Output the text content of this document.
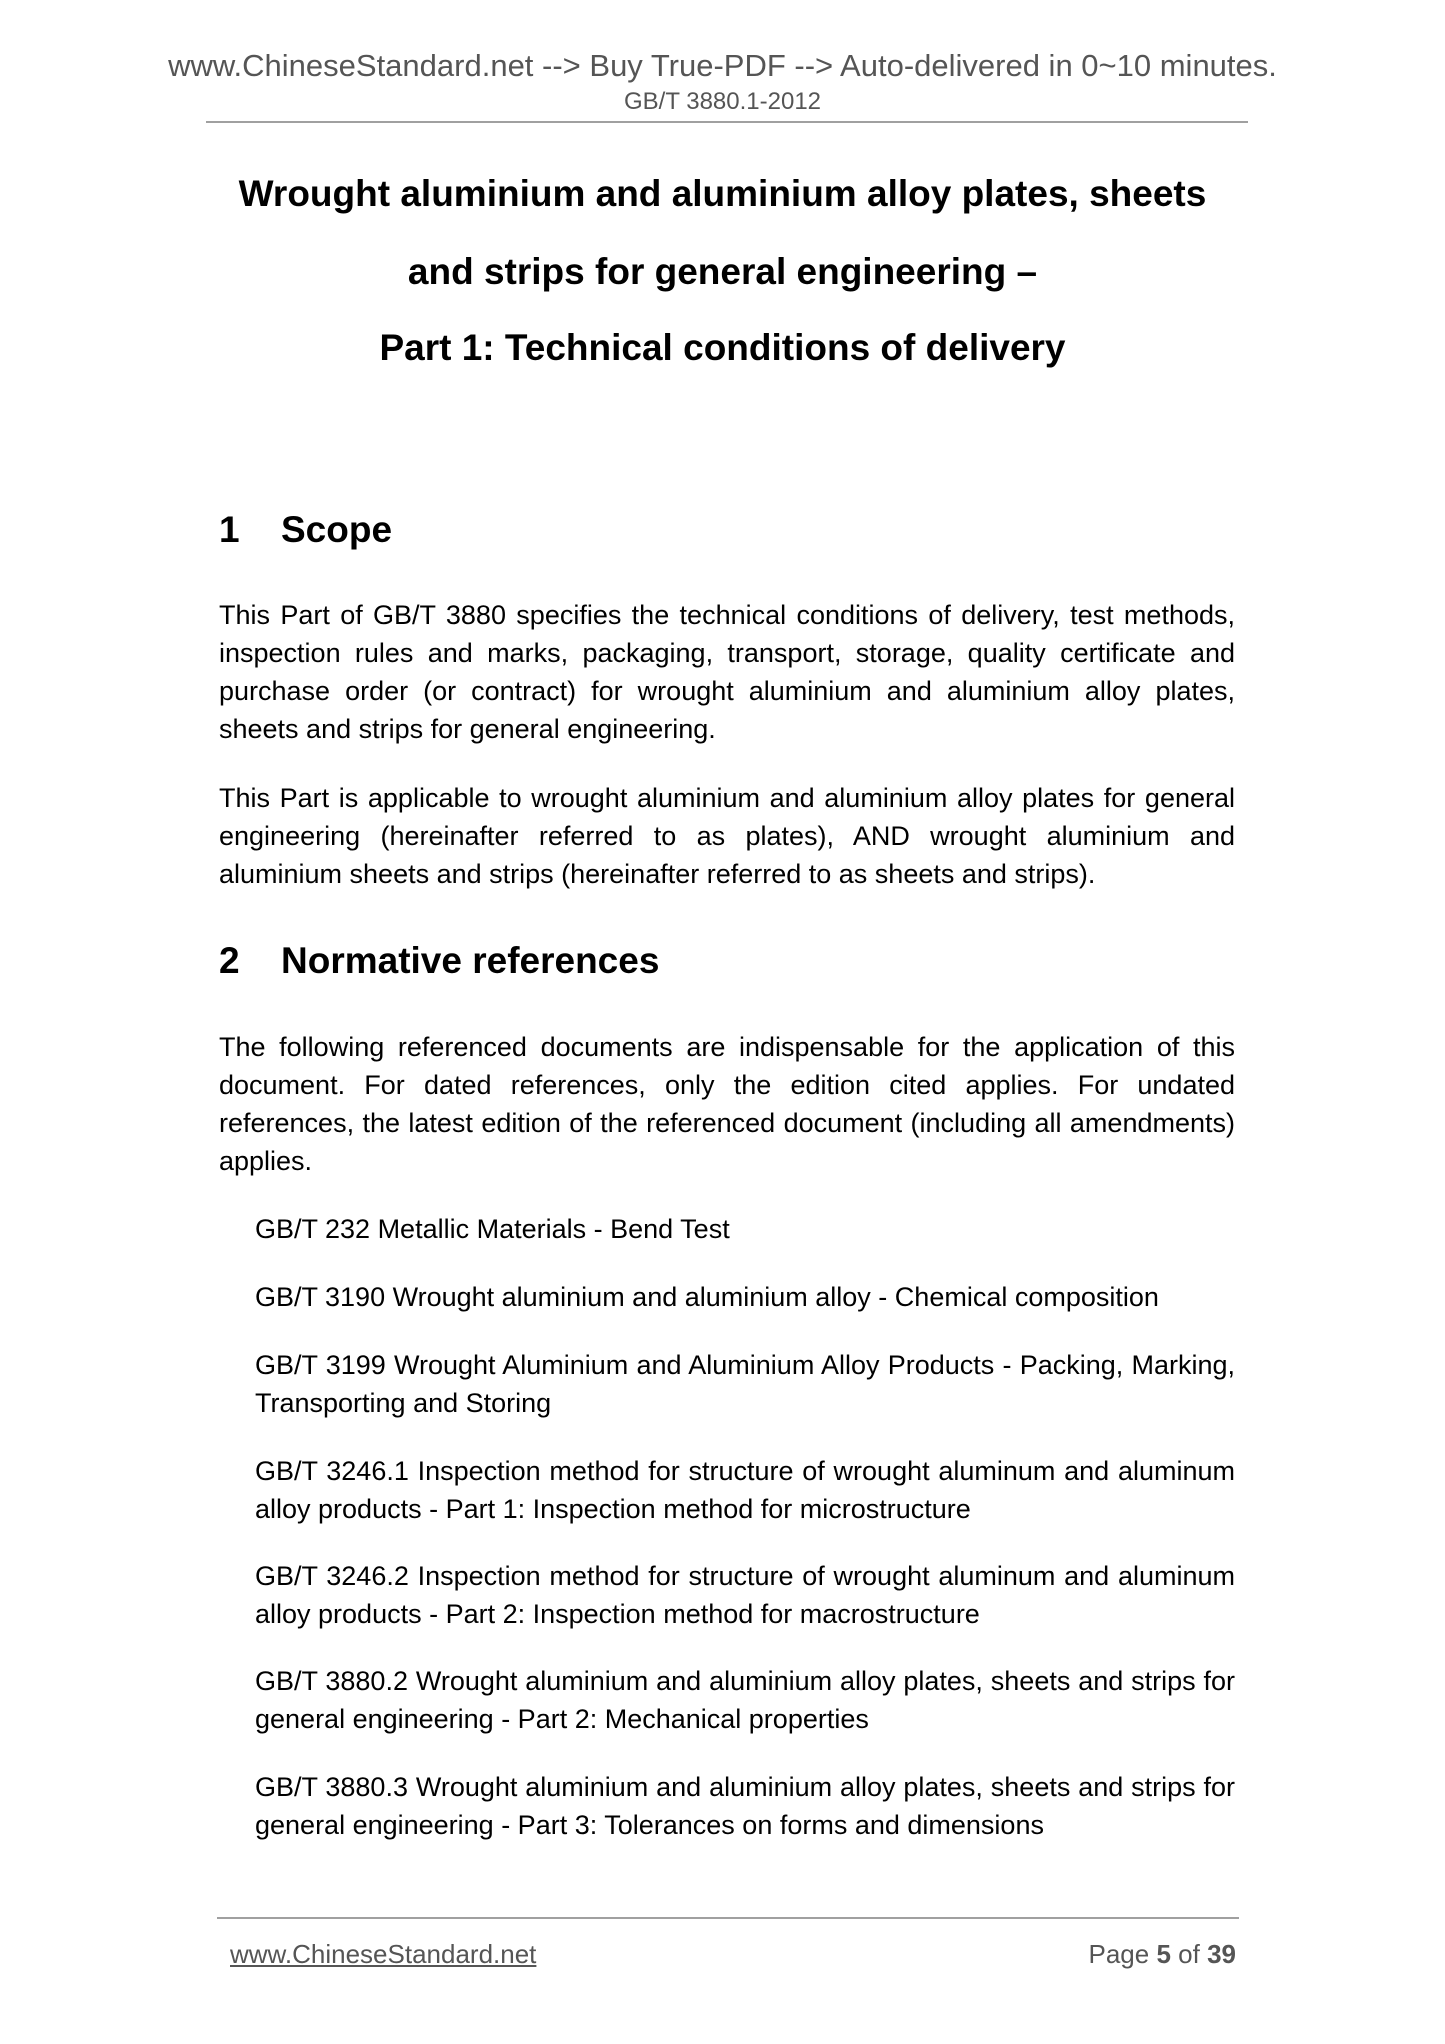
www.ChineseStandard.net --> Buy True-PDF --> Auto-delivered in 0~10 minutes.
GB/T 3880.1-2012
Wrought aluminium and aluminium alloy plates, sheets
and strips for general engineering –
Part 1: Technical conditions of delivery
1 Scope

This Part of GB/T 3880 specifies the technical conditions of delivery, test methods, inspection rules and marks, packaging, transport, storage, quality certificate and purchase order (or contract) for wrought aluminium and aluminium alloy plates, sheets and strips for general engineering.

This Part is applicable to wrought aluminium and aluminium alloy plates for general engineering (hereinafter referred to as plates), AND wrought aluminium and aluminium sheets and strips (hereinafter referred to as sheets and strips).

2 Normative references

The following referenced documents are indispensable for the application of this document. For dated references, only the edition cited applies. For undated references, the latest edition of the referenced document (including all amendments) applies.

GB/T 232 Metallic Materials - Bend Test

GB/T 3190 Wrought aluminium and aluminium alloy - Chemical composition

GB/T 3199 Wrought Aluminium and Aluminium Alloy Products - Packing, Marking, Transporting and Storing

GB/T 3246.1 Inspection method for structure of wrought aluminum and aluminum alloy products - Part 1: Inspection method for microstructure

GB/T 3246.2 Inspection method for structure of wrought aluminum and aluminum alloy products - Part 2: Inspection method for macrostructure

GB/T 3880.2 Wrought aluminium and aluminium alloy plates, sheets and strips for general engineering - Part 2: Mechanical properties

GB/T 3880.3 Wrought aluminium and aluminium alloy plates, sheets and strips for general engineering - Part 3: Tolerances on forms and dimensions

www.ChineseStandard.net	Page 5 of 39
